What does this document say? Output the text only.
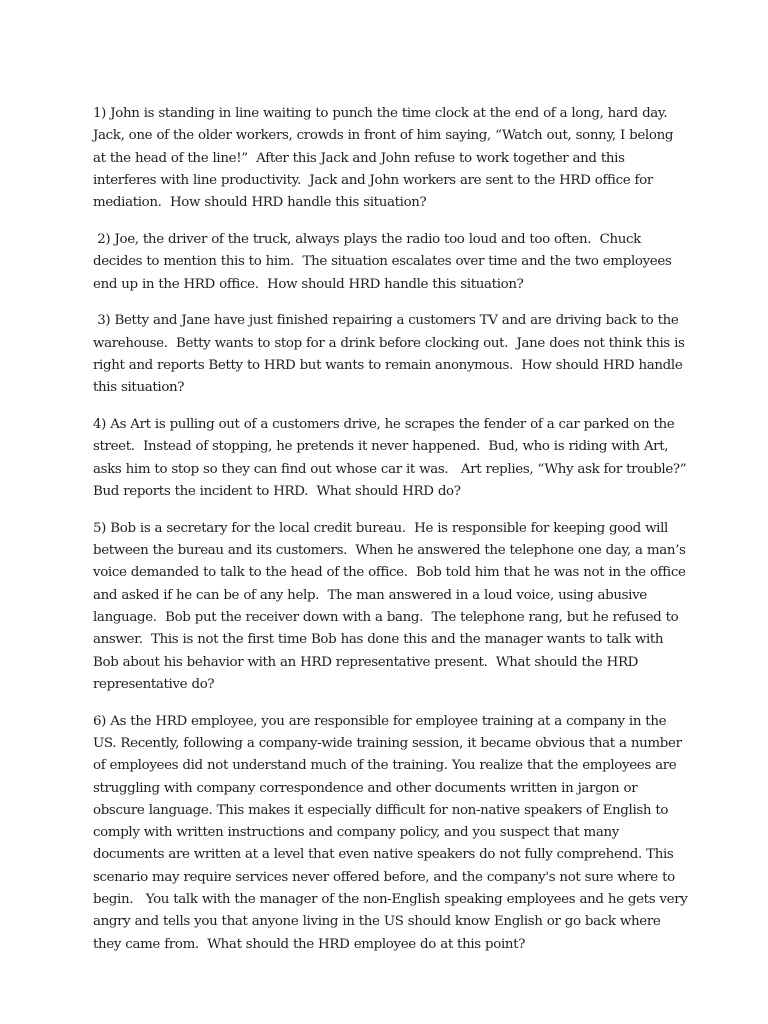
1) John is standing in line waiting to punch the time clock at the end of a long, hard day. Jack, one of the older workers, crowds in front of him saying, “Watch out, sonny, I belong at the head of the line!”  After this Jack and John refuse to work together and this interferes with line productivity.  Jack and John workers are sent to the HRD office for mediation.  How should HRD handle this situation?

2) Joe, the driver of the truck, always plays the radio too loud and too often.  Chuck decides to mention this to him.  The situation escalates over time and the two employees end up in the HRD office.  How should HRD handle this situation?

3) Betty and Jane have just finished repairing a customers TV and are driving back to the warehouse.  Betty wants to stop for a drink before clocking out.  Jane does not think this is right and reports Betty to HRD but wants to remain anonymous.  How should HRD handle this situation?

4) As Art is pulling out of a customers drive, he scrapes the fender of a car parked on the street.  Instead of stopping, he pretends it never happened.  Bud, who is riding with Art, asks him to stop so they can find out whose car it was.   Art replies, “Why ask for trouble?” Bud reports the incident to HRD.  What should HRD do?

5) Bob is a secretary for the local credit bureau.  He is responsible for keeping good will between the bureau and its customers.  When he answered the telephone one day, a man’s voice demanded to talk to the head of the office.  Bob told him that he was not in the office and asked if he can be of any help.  The man answered in a loud voice, using abusive language.  Bob put the receiver down with a bang.  The telephone rang, but he refused to answer.  This is not the first time Bob has done this and the manager wants to talk with Bob about his behavior with an HRD representative present.  What should the HRD representative do?

6) As the HRD employee, you are responsible for employee training at a company in the US. Recently, following a company-wide training session, it became obvious that a number of employees did not understand much of the training. You realize that the employees are struggling with company correspondence and other documents written in jargon or obscure language. This makes it especially difficult for non-native speakers of English to comply with written instructions and company policy, and you suspect that many documents are written at a level that even native speakers do not fully comprehend. This scenario may require services never offered before, and the company's not sure where to begin.   You talk with the manager of the non-English speaking employees and he gets very angry and tells you that anyone living in the US should know English or go back where they came from.  What should the HRD employee do at this point?
